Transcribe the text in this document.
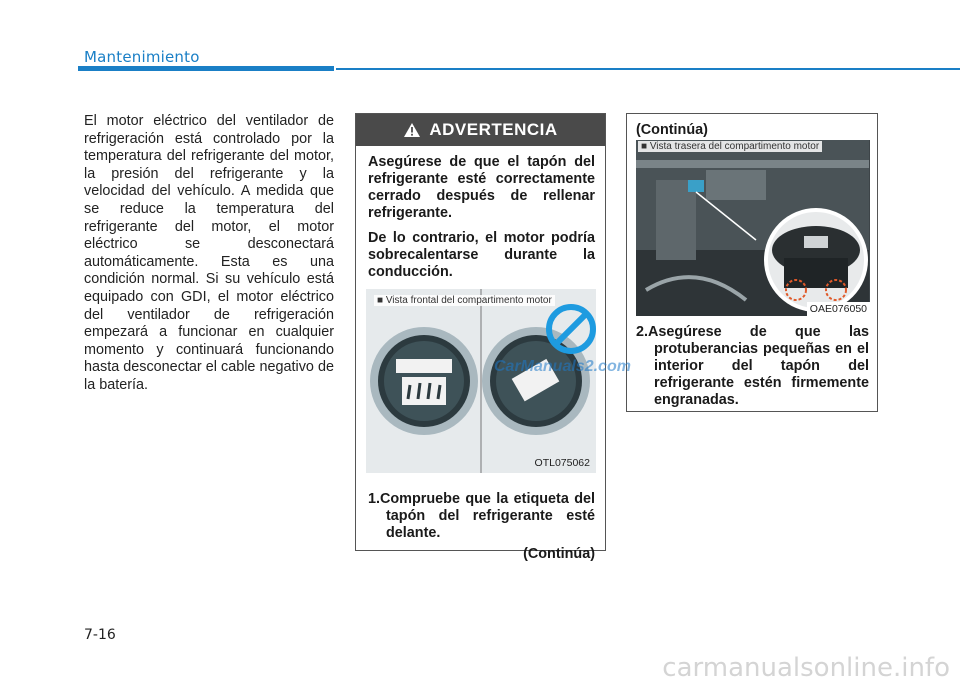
Mantenimiento

El motor eléctrico del ventilador de refrigeración está controlado por la temperatura del refrigerante del motor, la presión del refrigerante y la velocidad del vehículo. A medida que se reduce la temperatura del refrigerante del motor, el motor eléctrico se desconectará automáticamente. Esta es una condición normal. Si su vehículo está equipado con GDI, el motor eléctrico del ventilador de refrigeración empezará a funcionar en cualquier momento y continuará funcionando hasta desconectar el cable negativo de la batería.

ADVERTENCIA

Asegúrese de que el tapón del refrigerante esté correctamente cerrado después de rellenar refrigerante.

De lo contrario, el motor podría sobrecalentarse durante la conducción.

■ Vista frontal del compartimento motor
OTL075062

1.Compruebe que la etiqueta del tapón del refrigerante esté delante.

(Continúa)

(Continúa)
■ Vista trasera del compartimento motor
OAE076050

2.Asegúrese de que las protuberancias pequeñas en el interior del tapón del refrigerante estén firmemente engranadas.

CarManuals2.com
7-16
carmanualsonline.info
